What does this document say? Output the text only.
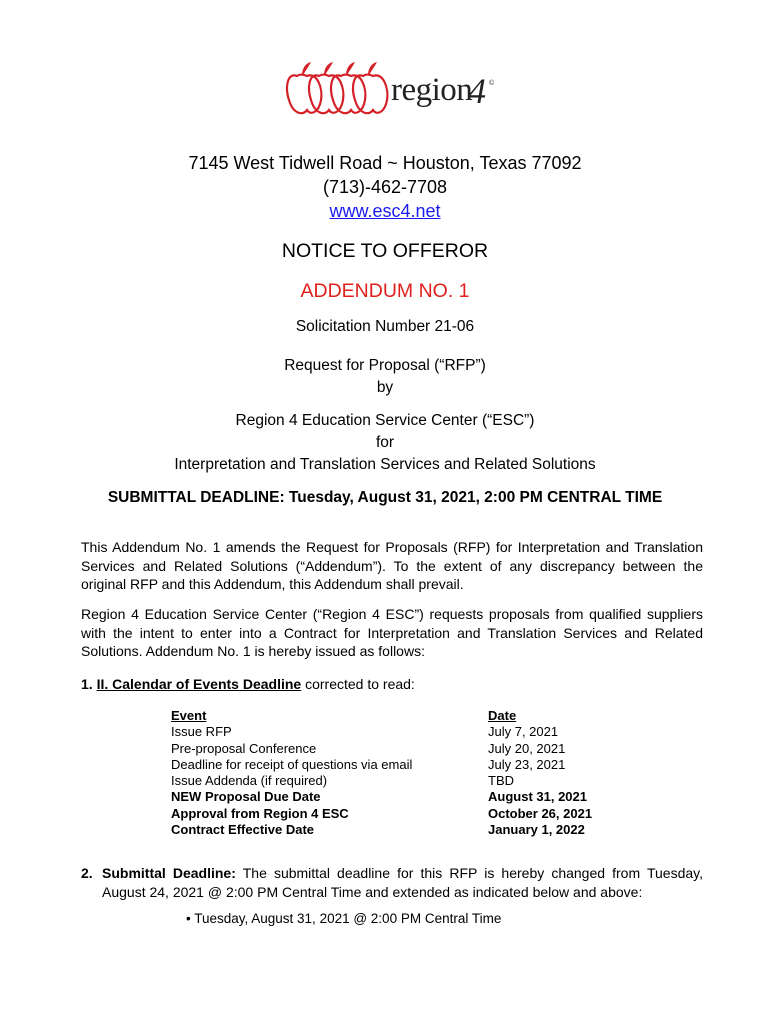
region
4 ©
7145 West Tidwell Road ~ Houston, Texas 77092
(713)-462-7708
www.esc4.net
NOTICE TO OFFEROR
ADDENDUM NO. 1
Solicitation Number 21-06
Request for Proposal (“RFP”)
by
Region 4 Education Service Center (“ESC”)
for
Interpretation and Translation Services and Related Solutions
SUBMITTAL DEADLINE: Tuesday, August 31, 2021, 2:00 PM CENTRAL TIME
This Addendum No. 1 amends the Request for Proposals (RFP) for Interpretation and Translation Services and Related Solutions (“Addendum”). To the extent of any discrepancy between the original RFP and this Addendum, this Addendum shall prevail.
Region 4 Education Service Center (“Region 4 ESC”) requests proposals from qualified suppliers with the intent to enter into a Contract for Interpretation and Translation Services and Related Solutions. Addendum No. 1 is hereby issued as follows:
1. II. Calendar of Events Deadline corrected to read:
Event	Date
Issue RFP	July 7, 2021
Pre-proposal Conference	July 20, 2021
Deadline for receipt of questions via email	July 23, 2021
Issue Addenda (if required)	TBD
NEW Proposal Due Date	August 31, 2021
Approval from Region 4 ESC	October 26, 2021
Contract Effective Date	January 1, 2022
2. Submittal Deadline: The submittal deadline for this RFP is hereby changed from Tuesday, August 24, 2021 @ 2:00 PM Central Time and extended as indicated below and above:
• Tuesday, August 31, 2021 @ 2:00 PM Central Time
